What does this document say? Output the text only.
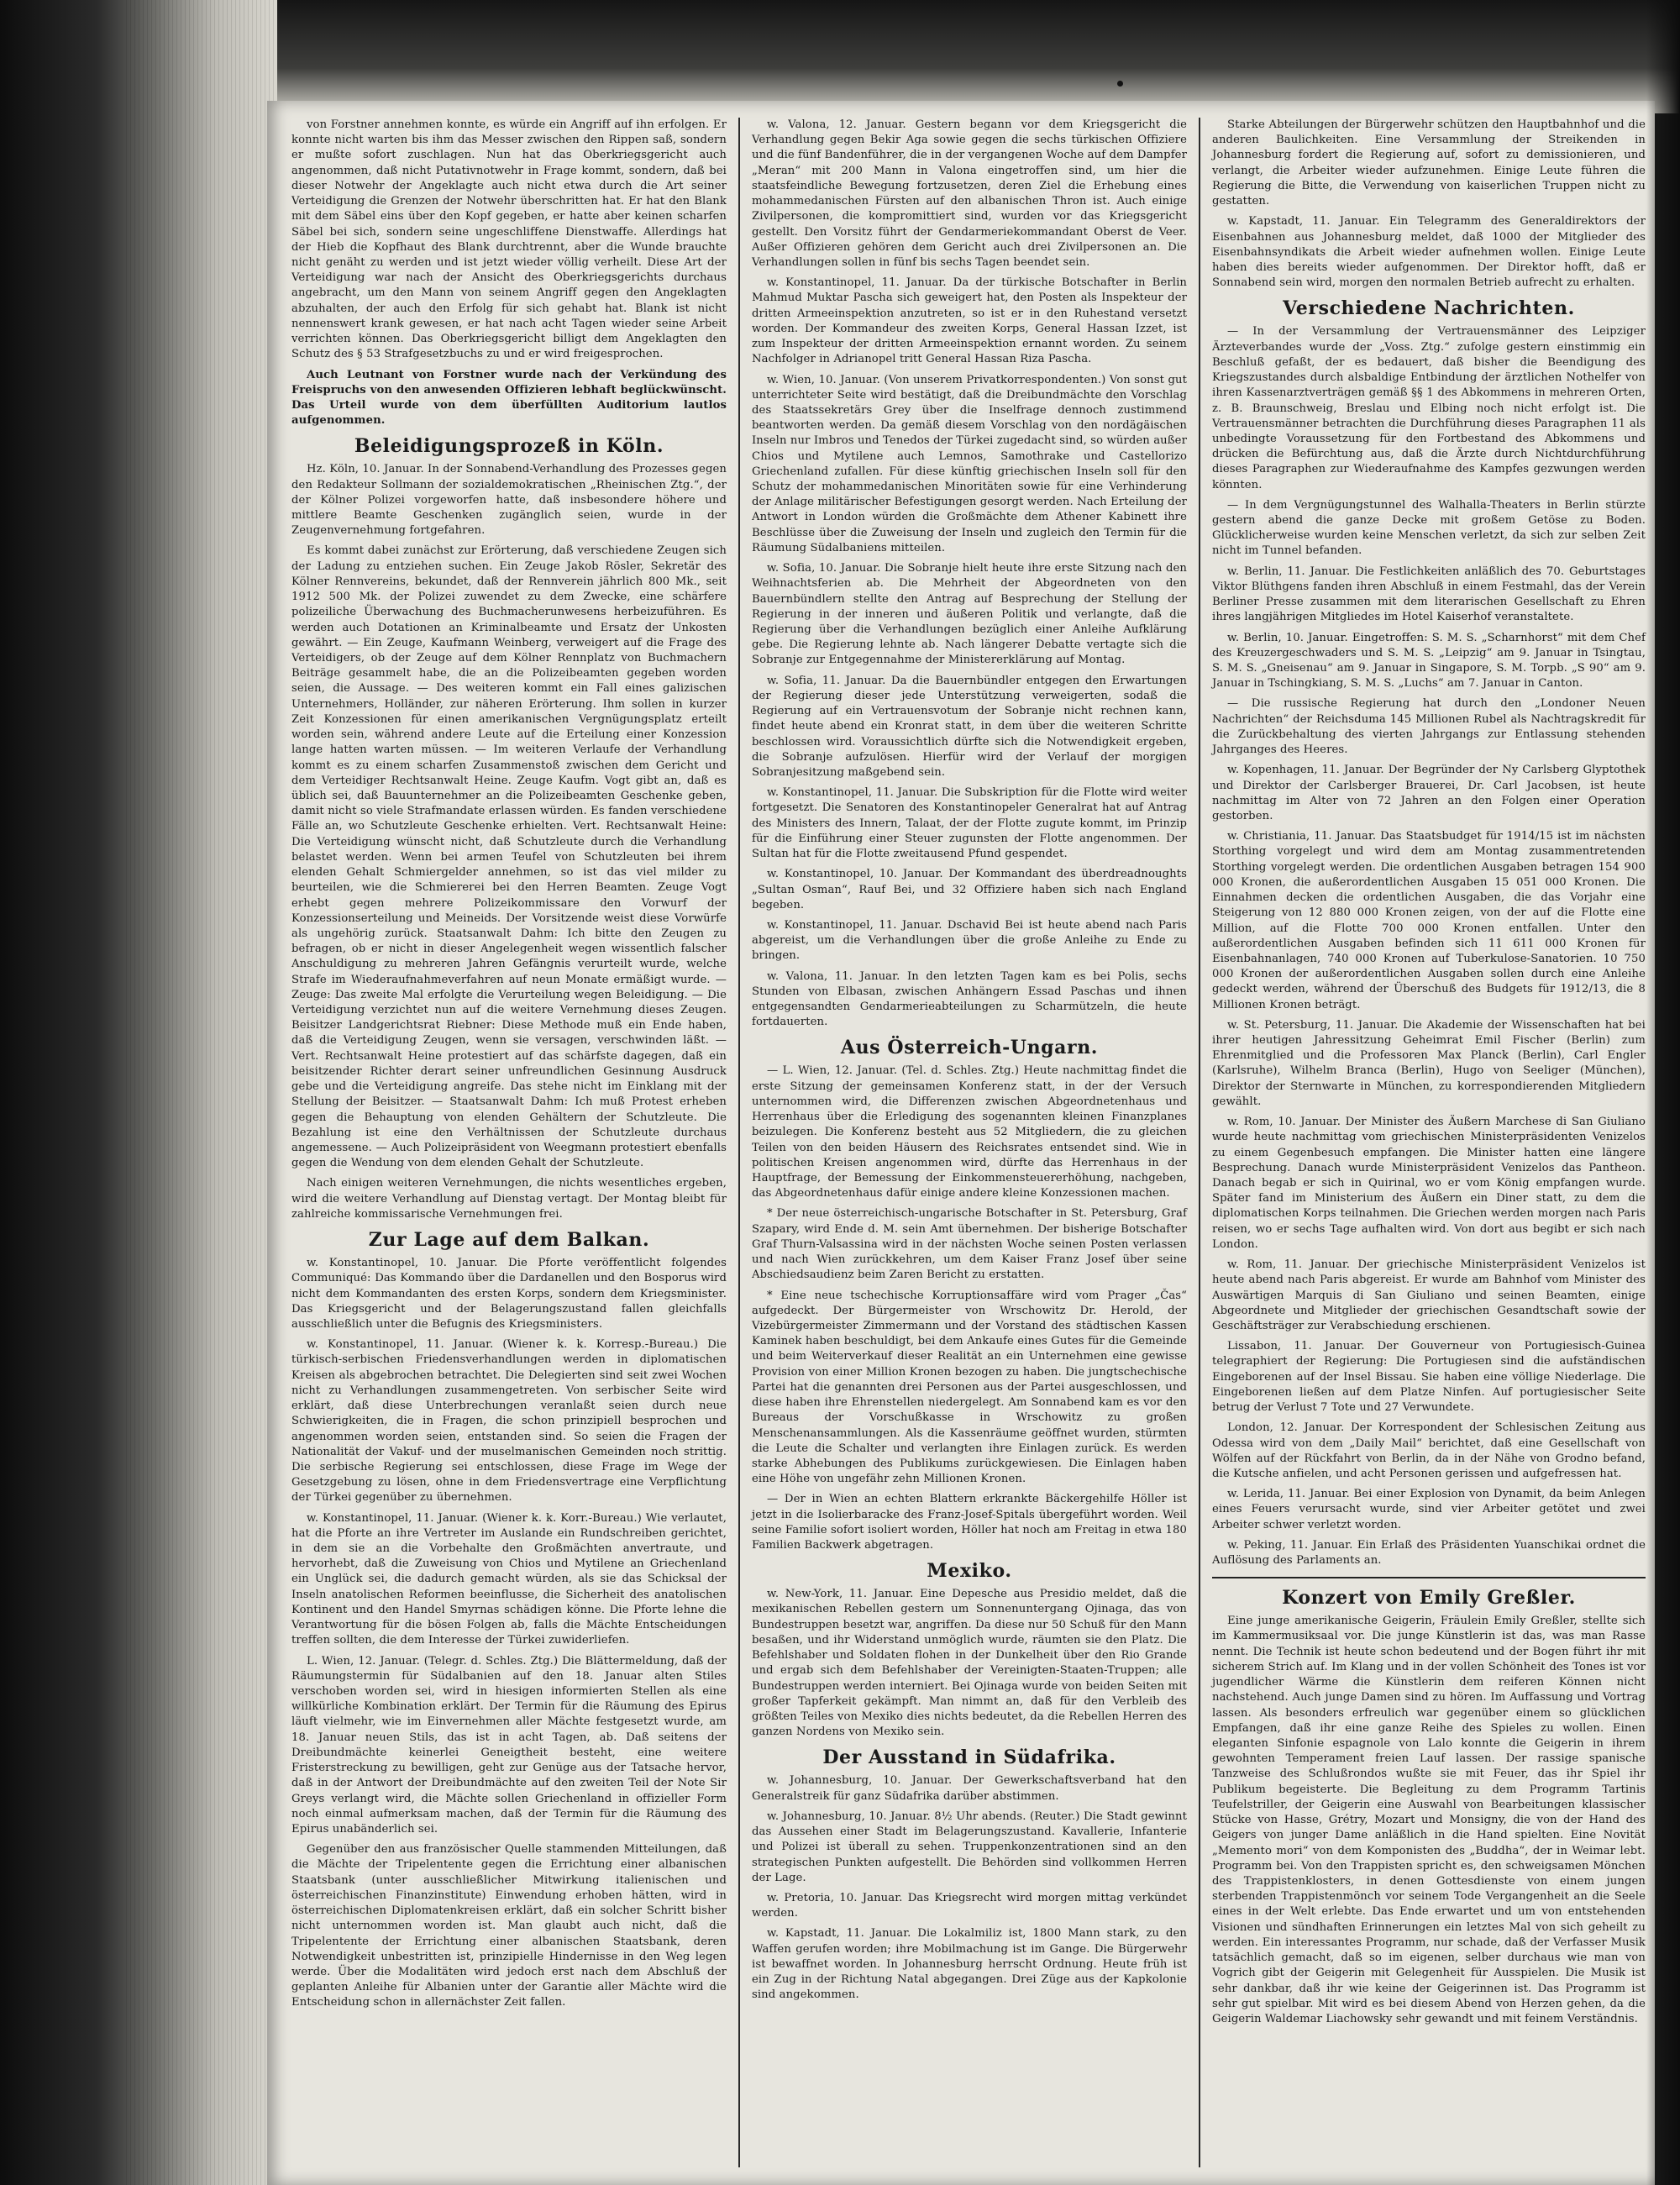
von Forstner annehmen konnte, es würde ein Angriff auf ihn erfolgen. Er konnte nicht warten bis ihm das Messer zwischen den Rippen saß, sondern er mußte sofort zuschlagen. Nun hat das Oberkriegsgericht auch angenommen, daß nicht Putativnotwehr in Frage kommt, sondern, daß bei dieser Notwehr der Angeklagte auch nicht etwa durch die Art seiner Verteidigung die Grenzen der Notwehr überschritten hat. Er hat den Blank mit dem Säbel eins über den Kopf gegeben, er hatte aber keinen scharfen Säbel bei sich, sondern seine ungeschliffene Dienstwaffe. Allerdings hat der Hieb die Kopfhaut des Blank durchtrennt, aber die Wunde brauchte nicht genäht zu werden und ist jetzt wieder völlig verheilt. Diese Art der Verteidigung war nach der Ansicht des Oberkriegsgerichts durchaus angebracht, um den Mann von seinem Angriff gegen den Angeklagten abzuhalten, der auch den Erfolg für sich gehabt hat. Blank ist nicht nennenswert krank gewesen, er hat nach acht Tagen wieder seine Arbeit verrichten können. Das Oberkriegsgericht billigt dem Angeklagten den Schutz des § 53 Strafgesetzbuchs zu und er wird freigesprochen.

Auch Leutnant von Forstner wurde nach der Verkündung des Freispruchs von den anwesenden Offizieren lebhaft beglückwünscht. Das Urteil wurde von dem überfüllten Auditorium lautlos aufgenommen.

Beleidigungsprozeß in Köln.

Hz. Köln, 10. Januar. In der Sonnabend-Verhandlung des Prozesses gegen den Redakteur Sollmann der sozialdemokratischen „Rheinischen Ztg.“, der der Kölner Polizei vorgeworfen hatte, daß insbesondere höhere und mittlere Beamte Geschenken zugänglich seien, wurde in der Zeugenvernehmung fortgefahren.

Es kommt dabei zunächst zur Erörterung, daß verschiedene Zeugen sich der Ladung zu entziehen suchen. Ein Zeuge Jakob Rösler, Sekretär des Kölner Rennvereins, bekundet, daß der Rennverein jährlich 800 Mk., seit 1912 500 Mk. der Polizei zuwendet zu dem Zwecke, eine schärfere polizeiliche Überwachung des Buchmacherunwesens herbeizuführen. Es werden auch Dotationen an Kriminalbeamte und Ersatz der Unkosten gewährt. — Ein Zeuge, Kaufmann Weinberg, verweigert auf die Frage des Verteidigers, ob der Zeuge auf dem Kölner Rennplatz von Buchmachern Beiträge gesammelt habe, die an die Polizeibeamten gegeben worden seien, die Aussage. — Des weiteren kommt ein Fall eines galizischen Unternehmers, Holländer, zur näheren Erörterung. Ihm sollen in kurzer Zeit Konzessionen für einen amerikanischen Vergnügungsplatz erteilt worden sein, während andere Leute auf die Erteilung einer Konzession lange hatten warten müssen. — Im weiteren Verlaufe der Verhandlung kommt es zu einem scharfen Zusammenstoß zwischen dem Gericht und dem Verteidiger Rechtsanwalt Heine. Zeuge Kaufm. Vogt gibt an, daß es üblich sei, daß Bauunternehmer an die Polizeibeamten Geschenke geben, damit nicht so viele Strafmandate erlassen würden. Es fanden verschiedene Fälle an, wo Schutzleute Geschenke erhielten. Vert. Rechtsanwalt Heine: Die Verteidigung wünscht nicht, daß Schutzleute durch die Verhandlung belastet werden. Wenn bei armen Teufel von Schutzleuten bei ihrem elenden Gehalt Schmiergelder annehmen, so ist das viel milder zu beurteilen, wie die Schmiererei bei den Herren Beamten. Zeuge Vogt erhebt gegen mehrere Polizeikommissare den Vorwurf der Konzessionserteilung und Meineids. Der Vorsitzende weist diese Vorwürfe als ungehörig zurück. Staatsanwalt Dahm: Ich bitte den Zeugen zu befragen, ob er nicht in dieser Angelegenheit wegen wissentlich falscher Anschuldigung zu mehreren Jahren Gefängnis verurteilt wurde, welche Strafe im Wiederaufnahmeverfahren auf neun Monate ermäßigt wurde. — Zeuge: Das zweite Mal erfolgte die Verurteilung wegen Beleidigung. — Die Verteidigung verzichtet nun auf die weitere Vernehmung dieses Zeugen. Beisitzer Landgerichtsrat Riebner: Diese Methode muß ein Ende haben, daß die Verteidigung Zeugen, wenn sie versagen, verschwinden läßt. — Vert. Rechtsanwalt Heine protestiert auf das schärfste dagegen, daß ein beisitzender Richter derart seiner unfreundlichen Gesinnung Ausdruck gebe und die Verteidigung angreife. Das stehe nicht im Einklang mit der Stellung der Beisitzer. — Staatsanwalt Dahm: Ich muß Protest erheben gegen die Behauptung von elenden Gehältern der Schutzleute. Die Bezahlung ist eine den Verhältnissen der Schutzleute durchaus angemessene. — Auch Polizeipräsident von Weegmann protestiert ebenfalls gegen die Wendung von dem elenden Gehalt der Schutzleute.

Nach einigen weiteren Vernehmungen, die nichts wesentliches ergeben, wird die weitere Verhandlung auf Dienstag vertagt. Der Montag bleibt für zahlreiche kommissarische Vernehmungen frei.

Zur Lage auf dem Balkan.

w. Konstantinopel, 10. Januar. Die Pforte veröffentlicht folgendes Communiqué: Das Kommando über die Dardanellen und den Bosporus wird nicht dem Kommandanten des ersten Korps, sondern dem Kriegsminister. Das Kriegsgericht und der Belagerungszustand fallen gleichfalls ausschließlich unter die Befugnis des Kriegsministers.

w. Konstantinopel, 11. Januar. (Wiener k. k. Korresp.-Bureau.) Die türkisch-serbischen Friedensverhandlungen werden in diplomatischen Kreisen als abgebrochen betrachtet. Die Delegierten sind seit zwei Wochen nicht zu Verhandlungen zusammengetreten. Von serbischer Seite wird erklärt, daß diese Unterbrechungen veranlaßt seien durch neue Schwierigkeiten, die in Fragen, die schon prinzipiell besprochen und angenommen worden seien, entstanden sind. So seien die Fragen der Nationalität der Vakuf- und der muselmanischen Gemeinden noch strittig. Die serbische Regierung sei entschlossen, diese Frage im Wege der Gesetzgebung zu lösen, ohne in dem Friedensvertrage eine Verpflichtung der Türkei gegenüber zu übernehmen.

w. Konstantinopel, 11. Januar. (Wiener k. k. Korr.-Bureau.) Wie verlautet, hat die Pforte an ihre Vertreter im Auslande ein Rundschreiben gerichtet, in dem sie an die Vorbehalte den Großmächten anvertraute, und hervorhebt, daß die Zuweisung von Chios und Mytilene an Griechenland ein Unglück sei, die dadurch gemacht würden, als sie das Schicksal der Inseln anatolischen Reformen beeinflusse, die Sicherheit des anatolischen Kontinent und den Handel Smyrnas schädigen könne. Die Pforte lehne die Verantwortung für die bösen Folgen ab, falls die Mächte Entscheidungen treffen sollten, die dem Interesse der Türkei zuwiderliefen.

L. Wien, 12. Januar. (Telegr. d. Schles. Ztg.) Die Blättermeldung, daß der Räumungstermin für Südalbanien auf den 18. Januar alten Stiles verschoben worden sei, wird in hiesigen informierten Stellen als eine willkürliche Kombination erklärt. Der Termin für die Räumung des Epirus läuft vielmehr, wie im Einvernehmen aller Mächte festgesetzt wurde, am 18. Januar neuen Stils, das ist in acht Tagen, ab. Daß seitens der Dreibundmächte keinerlei Geneigtheit besteht, eine weitere Fristerstreckung zu bewilligen, geht zur Genüge aus der Tatsache hervor, daß in der Antwort der Dreibundmächte auf den zweiten Teil der Note Sir Greys verlangt wird, die Mächte sollen Griechenland in offizieller Form noch einmal aufmerksam machen, daß der Termin für die Räumung des Epirus unabänderlich sei.

Gegenüber den aus französischer Quelle stammenden Mitteilungen, daß die Mächte der Tripelentente gegen die Errichtung einer albanischen Staatsbank (unter ausschließlicher Mitwirkung italienischen und österreichischen Finanzinstitute) Einwendung erhoben hätten, wird in österreichischen Diplomatenkreisen erklärt, daß ein solcher Schritt bisher nicht unternommen worden ist. Man glaubt auch nicht, daß die Tripelentente der Errichtung einer albanischen Staatsbank, deren Notwendigkeit unbestritten ist, prinzipielle Hindernisse in den Weg legen werde. Über die Modalitäten wird jedoch erst nach dem Abschluß der geplanten Anleihe für Albanien unter der Garantie aller Mächte wird die Entscheidung schon in allernächster Zeit fallen.

w. Valona, 12. Januar. Gestern begann vor dem Kriegsgericht die Verhandlung gegen Bekir Aga sowie gegen die sechs türkischen Offiziere und die fünf Bandenführer, die in der vergangenen Woche auf dem Dampfer „Meran“ mit 200 Mann in Valona eingetroffen sind, um hier die staatsfeindliche Bewegung fortzusetzen, deren Ziel die Erhebung eines mohammedanischen Fürsten auf den albanischen Thron ist. Auch einige Zivilpersonen, die kompromittiert sind, wurden vor das Kriegsgericht gestellt. Den Vorsitz führt der Gendarmeriekommandant Oberst de Veer. Außer Offizieren gehören dem Gericht auch drei Zivilpersonen an. Die Verhandlungen sollen in fünf bis sechs Tagen beendet sein.

w. Konstantinopel, 11. Januar. Da der türkische Botschafter in Berlin Mahmud Muktar Pascha sich geweigert hat, den Posten als Inspekteur der dritten Armeeinspektion anzutreten, so ist er in den Ruhestand versetzt worden. Der Kommandeur des zweiten Korps, General Hassan Izzet, ist zum Inspekteur der dritten Armeeinspektion ernannt worden. Zu seinem Nachfolger in Adrianopel tritt General Hassan Riza Pascha.

w. Wien, 10. Januar. (Von unserem Privatkorrespondenten.) Von sonst gut unterrichteter Seite wird bestätigt, daß die Dreibundmächte den Vorschlag des Staatssekretärs Grey über die Inselfrage dennoch zustimmend beantworten werden. Da gemäß diesem Vorschlag von den nordägäischen Inseln nur Imbros und Tenedos der Türkei zugedacht sind, so würden außer Chios und Mytilene auch Lemnos, Samothrake und Castellorizo Griechenland zufallen. Für diese künftig griechischen Inseln soll für den Schutz der mohammedanischen Minoritäten sowie für eine Verhinderung der Anlage militärischer Befestigungen gesorgt werden. Nach Erteilung der Antwort in London würden die Großmächte dem Athener Kabinett ihre Beschlüsse über die Zuweisung der Inseln und zugleich den Termin für die Räumung Südalbaniens mitteilen.

w. Sofia, 10. Januar. Die Sobranje hielt heute ihre erste Sitzung nach den Weihnachtsferien ab. Die Mehrheit der Abgeordneten von den Bauernbündlern stellte den Antrag auf Besprechung der Stellung der Regierung in der inneren und äußeren Politik und verlangte, daß die Regierung über die Verhandlungen bezüglich einer Anleihe Aufklärung gebe. Die Regierung lehnte ab. Nach längerer Debatte vertagte sich die Sobranje zur Entgegennahme der Ministererklärung auf Montag.

w. Sofia, 11. Januar. Da die Bauernbündler entgegen den Erwartungen der Regierung dieser jede Unterstützung verweigerten, sodaß die Regierung auf ein Vertrauensvotum der Sobranje nicht rechnen kann, findet heute abend ein Kronrat statt, in dem über die weiteren Schritte beschlossen wird. Voraussichtlich dürfte sich die Notwendigkeit ergeben, die Sobranje aufzulösen. Hierfür wird der Verlauf der morgigen Sobranjesitzung maßgebend sein.

w. Konstantinopel, 11. Januar. Die Subskription für die Flotte wird weiter fortgesetzt. Die Senatoren des Konstantinopeler Generalrat hat auf Antrag des Ministers des Innern, Talaat, der der Flotte zugute kommt, im Prinzip für die Einführung einer Steuer zugunsten der Flotte angenommen. Der Sultan hat für die Flotte zweitausend Pfund gespendet.

w. Konstantinopel, 10. Januar. Der Kommandant des überdreadnoughts „Sultan Osman“, Rauf Bei, und 32 Offiziere haben sich nach England begeben.

w. Konstantinopel, 11. Januar. Dschavid Bei ist heute abend nach Paris abgereist, um die Verhandlungen über die große Anleihe zu Ende zu bringen.

w. Valona, 11. Januar. In den letzten Tagen kam es bei Polis, sechs Stunden von Elbasan, zwischen Anhängern Essad Paschas und ihnen entgegensandten Gendarmerieabteilungen zu Scharmützeln, die heute fortdauerten.

Aus Österreich-Ungarn.

— L. Wien, 12. Januar. (Tel. d. Schles. Ztg.) Heute nachmittag findet die erste Sitzung der gemeinsamen Konferenz statt, in der der Versuch unternommen wird, die Differenzen zwischen Abgeordnetenhaus und Herrenhaus über die Erledigung des sogenannten kleinen Finanzplanes beizulegen. Die Konferenz besteht aus 52 Mitgliedern, die zu gleichen Teilen von den beiden Häusern des Reichsrates entsendet sind. Wie in politischen Kreisen angenommen wird, dürfte das Herrenhaus in der Hauptfrage, der Bemessung der Einkommensteuererhöhung, nachgeben, das Abgeordnetenhaus dafür einige andere kleine Konzessionen machen.

* Der neue österreichisch-ungarische Botschafter in St. Petersburg, Graf Szapary, wird Ende d. M. sein Amt übernehmen. Der bisherige Botschafter Graf Thurn-Valsassina wird in der nächsten Woche seinen Posten verlassen und nach Wien zurückkehren, um dem Kaiser Franz Josef über seine Abschiedsaudienz beim Zaren Bericht zu erstatten.

* Eine neue tschechische Korruptionsaffäre wird vom Prager „Čas“ aufgedeckt. Der Bürgermeister von Wrschowitz Dr. Herold, der Vizebürgermeister Zimmermann und der Vorstand des städtischen Kassen Kaminek haben beschuldigt, bei dem Ankaufe eines Gutes für die Gemeinde und beim Weiterverkauf dieser Realität an ein Unternehmen eine gewisse Provision von einer Million Kronen bezogen zu haben. Die jungtschechische Partei hat die genannten drei Personen aus der Partei ausgeschlossen, und diese haben ihre Ehrenstellen niedergelegt. Am Sonnabend kam es vor den Bureaus der Vorschußkasse in Wrschowitz zu großen Menschenansammlungen. Als die Kassenräume geöffnet wurden, stürmten die Leute die Schalter und verlangten ihre Einlagen zurück. Es werden starke Abhebungen des Publikums zurückgewiesen. Die Einlagen haben eine Höhe von ungefähr zehn Millionen Kronen.

— Der in Wien an echten Blattern erkrankte Bäckergehilfe Höller ist jetzt in die Isolierbaracke des Franz-Josef-Spitals übergeführt worden. Weil seine Familie sofort isoliert worden, Höller hat noch am Freitag in etwa 180 Familien Backwerk abgetragen.

Mexiko.

w. New-York, 11. Januar. Eine Depesche aus Presidio meldet, daß die mexikanischen Rebellen gestern um Sonnenuntergang Ojinaga, das von Bundestruppen besetzt war, angriffen. Da diese nur 50 Schuß für den Mann besaßen, und ihr Widerstand unmöglich wurde, räumten sie den Platz. Die Befehlshaber und Soldaten flohen in der Dunkelheit über den Rio Grande und ergab sich dem Befehlshaber der Vereinigten-Staaten-Truppen; alle Bundestruppen werden interniert. Bei Ojinaga wurde von beiden Seiten mit großer Tapferkeit gekämpft. Man nimmt an, daß für den Verbleib des größten Teiles von Mexiko dies nichts bedeutet, da die Rebellen Herren des ganzen Nordens von Mexiko sein.

Der Ausstand in Südafrika.

w. Johannesburg, 10. Januar. Der Gewerkschaftsverband hat den Generalstreik für ganz Südafrika darüber abstimmen.

w. Johannesburg, 10. Januar. 8½ Uhr abends. (Reuter.) Die Stadt gewinnt das Aussehen einer Stadt im Belagerungszustand. Kavallerie, Infanterie und Polizei ist überall zu sehen. Truppenkonzentrationen sind an den strategischen Punkten aufgestellt. Die Behörden sind vollkommen Herren der Lage.

w. Pretoria, 10. Januar. Das Kriegsrecht wird morgen mittag verkündet werden.

w. Kapstadt, 11. Januar. Die Lokalmiliz ist, 1800 Mann stark, zu den Waffen gerufen worden; ihre Mobilmachung ist im Gange. Die Bürgerwehr ist bewaffnet worden. In Johannesburg herrscht Ordnung. Heute früh ist ein Zug in der Richtung Natal abgegangen. Drei Züge aus der Kapkolonie sind angekommen.

Starke Abteilungen der Bürgerwehr schützen den Hauptbahnhof und die anderen Baulichkeiten. Eine Versammlung der Streikenden in Johannesburg fordert die Regierung auf, sofort zu demissionieren, und verlangt, die Arbeiter wieder aufzunehmen. Einige Leute führen die Regierung die Bitte, die Verwendung von kaiserlichen Truppen nicht zu gestatten.

w. Kapstadt, 11. Januar. Ein Telegramm des Generaldirektors der Eisenbahnen aus Johannesburg meldet, daß 1000 der Mitglieder des Eisenbahnsyndikats die Arbeit wieder aufnehmen wollen. Einige Leute haben dies bereits wieder aufgenommen. Der Direktor hofft, daß er Sonnabend sein wird, morgen den normalen Betrieb aufrecht zu erhalten.

Verschiedene Nachrichten.

— In der Versammlung der Vertrauensmänner des Leipziger Ärzteverbandes wurde der „Voss. Ztg.“ zufolge gestern einstimmig ein Beschluß gefaßt, der es bedauert, daß bisher die Beendigung des Kriegszustandes durch alsbaldige Entbindung der ärztlichen Nothelfer von ihren Kassenarztverträgen gemäß §§ 1 des Abkommens in mehreren Orten, z. B. Braunschweig, Breslau und Elbing noch nicht erfolgt ist. Die Vertrauensmänner betrachten die Durchführung dieses Paragraphen 11 als unbedingte Voraussetzung für den Fortbestand des Abkommens und drücken die Befürchtung aus, daß die Ärzte durch Nichtdurchführung dieses Paragraphen zur Wiederaufnahme des Kampfes gezwungen werden könnten.

— In dem Vergnügungstunnel des Walhalla-Theaters in Berlin stürzte gestern abend die ganze Decke mit großem Getöse zu Boden. Glücklicherweise wurden keine Menschen verletzt, da sich zur selben Zeit nicht im Tunnel befanden.

w. Berlin, 11. Januar. Die Festlichkeiten anläßlich des 70. Geburtstages Viktor Blüthgens fanden ihren Abschluß in einem Festmahl, das der Verein Berliner Presse zusammen mit dem literarischen Gesellschaft zu Ehren ihres langjährigen Mitgliedes im Hotel Kaiserhof veranstaltete.

w. Berlin, 10. Januar. Eingetroffen: S. M. S. „Scharnhorst“ mit dem Chef des Kreuzergeschwaders und S. M. S. „Leipzig“ am 9. Januar in Tsingtau, S. M. S. „Gneisenau“ am 9. Januar in Singapore, S. M. Torpb. „S 90“ am 9. Januar in Tschingkiang, S. M. S. „Luchs“ am 7. Januar in Canton.

— Die russische Regierung hat durch den „Londoner Neuen Nachrichten“ der Reichsduma 145 Millionen Rubel als Nachtragskredit für die Zurückbehaltung des vierten Jahrgangs zur Entlassung stehenden Jahrganges des Heeres.

w. Kopenhagen, 11. Januar. Der Begründer der Ny Carlsberg Glyptothek und Direktor der Carlsberger Brauerei, Dr. Carl Jacobsen, ist heute nachmittag im Alter von 72 Jahren an den Folgen einer Operation gestorben.

w. Christiania, 11. Januar. Das Staatsbudget für 1914/15 ist im nächsten Storthing vorgelegt und wird dem am Montag zusammentretenden Storthing vorgelegt werden. Die ordentlichen Ausgaben betragen 154 900 000 Kronen, die außerordentlichen Ausgaben 15 051 000 Kronen. Die Einnahmen decken die ordentlichen Ausgaben, die das Vorjahr eine Steigerung von 12 880 000 Kronen zeigen, von der auf die Flotte eine Million, auf die Flotte 700 000 Kronen entfallen. Unter den außerordentlichen Ausgaben befinden sich 11 611 000 Kronen für Eisenbahnanlagen, 740 000 Kronen auf Tuberkulose-Sanatorien. 10 750 000 Kronen der außerordentlichen Ausgaben sollen durch eine Anleihe gedeckt werden, während der Überschuß des Budgets für 1912/13, die 8 Millionen Kronen beträgt.

w. St. Petersburg, 11. Januar. Die Akademie der Wissenschaften hat bei ihrer heutigen Jahressitzung Geheimrat Emil Fischer (Berlin) zum Ehrenmitglied und die Professoren Max Planck (Berlin), Carl Engler (Karlsruhe), Wilhelm Branca (Berlin), Hugo von Seeliger (München), Direktor der Sternwarte in München, zu korrespondierenden Mitgliedern gewählt.

w. Rom, 10. Januar. Der Minister des Äußern Marchese di San Giuliano wurde heute nachmittag vom griechischen Ministerpräsidenten Venizelos zu einem Gegenbesuch empfangen. Die Minister hatten eine längere Besprechung. Danach wurde Ministerpräsident Venizelos das Pantheon. Danach begab er sich in Quirinal, wo er vom König empfangen wurde. Später fand im Ministerium des Äußern ein Diner statt, zu dem die diplomatischen Korps teilnahmen. Die Griechen werden morgen nach Paris reisen, wo er sechs Tage aufhalten wird. Von dort aus begibt er sich nach London.

w. Rom, 11. Januar. Der griechische Ministerpräsident Venizelos ist heute abend nach Paris abgereist. Er wurde am Bahnhof vom Minister des Auswärtigen Marquis di San Giuliano und seinen Beamten, einige Abgeordnete und Mitglieder der griechischen Gesandtschaft sowie der Geschäftsträger zur Verabschiedung erschienen.

Lissabon, 11. Januar. Der Gouverneur von Portugiesisch-Guinea telegraphiert der Regierung: Die Portugiesen sind die aufständischen Eingeborenen auf der Insel Bissau. Sie haben eine völlige Niederlage. Die Eingeborenen ließen auf dem Platze Ninfen. Auf portugiesischer Seite betrug der Verlust 7 Tote und 27 Verwundete.

London, 12. Januar. Der Korrespondent der Schlesischen Zeitung aus Odessa wird von dem „Daily Mail“ berichtet, daß eine Gesellschaft von Wölfen auf der Rückfahrt von Berlin, da in der Nähe von Grodno befand, die Kutsche anfielen, und acht Personen gerissen und aufgefressen hat.

w. Lerida, 11. Januar. Bei einer Explosion von Dynamit, da beim Anlegen eines Feuers verursacht wurde, sind vier Arbeiter getötet und zwei Arbeiter schwer verletzt worden.

w. Peking, 11. Januar. Ein Erlaß des Präsidenten Yuanschikai ordnet die Auflösung des Parlaments an.

Konzert von Emily Greßler.

Eine junge amerikanische Geigerin, Fräulein Emily Greßler, stellte sich im Kammermusiksaal vor. Die junge Künstlerin ist das, was man Rasse nennt. Die Technik ist heute schon bedeutend und der Bogen führt ihr mit sicherem Strich auf. Im Klang und in der vollen Schönheit des Tones ist vor jugendlicher Wärme die Künstlerin dem reiferen Können nicht nachstehend. Auch junge Damen sind zu hören. Im Auffassung und Vortrag lassen. Als besonders erfreulich war gegenüber einem so glücklichen Empfangen, daß ihr eine ganze Reihe des Spieles zu wollen. Einen eleganten Sinfonie espagnole von Lalo konnte die Geigerin in ihrem gewohnten Temperament freien Lauf lassen. Der rassige spanische Tanzweise des Schlußrondos wußte sie mit Feuer, das ihr Spiel ihr Publikum begeisterte. Die Begleitung zu dem Programm Tartinis Teufelstriller, der Geigerin eine Auswahl von Bearbeitungen klassischer Stücke von Hasse, Grétry, Mozart und Monsigny, die von der Hand des Geigers von junger Dame anläßlich in die Hand spielten. Eine Novität „Memento mori“ von dem Komponisten des „Buddha“, der in Weimar lebt. Programm bei. Von den Trappisten spricht es, den schweigsamen Mönchen des Trappistenklosters, in denen Gottesdienste von einem jungen sterbenden Trappistenmönch vor seinem Tode Vergangenheit an die Seele eines in der Welt erlebte. Das Ende erwartet und um von entstehenden Visionen und sündhaften Erinnerungen ein letztes Mal von sich geheilt zu werden. Ein interessantes Programm, nur schade, daß der Verfasser Musik tatsächlich gemacht, daß so im eigenen, selber durchaus wie man von Vogrich gibt der Geigerin mit Gelegenheit für Ausspielen. Die Musik ist sehr dankbar, daß ihr wie keine der Geigerinnen ist. Das Programm ist sehr gut spielbar. Mit wird es bei diesem Abend von Herzen gehen, da die Geigerin Waldemar Liachowsky sehr gewandt und mit feinem Verständnis.
